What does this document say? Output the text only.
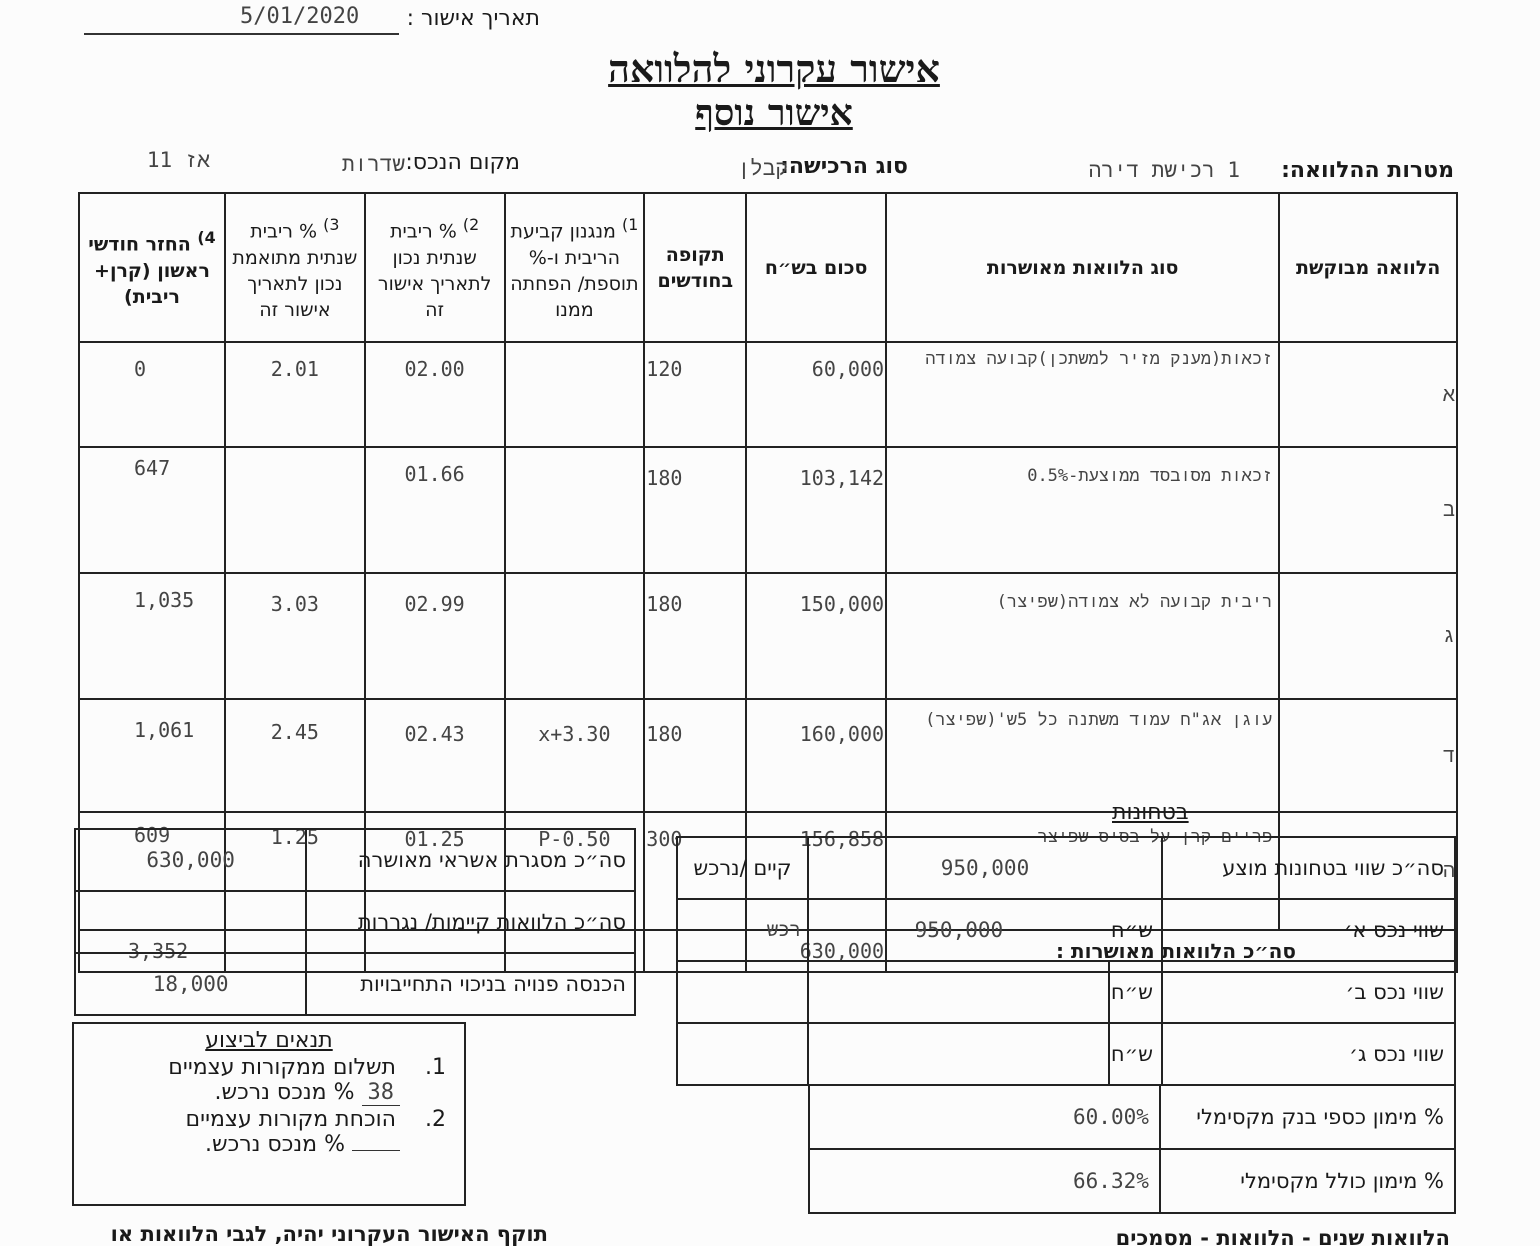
תאריך אישור :
5/01/2020
אישור עקרוני להלוואה
אישור נוסף
מטרות ההלוואה:
1 רכישת דירה
סוג הרכישה:
קבלן
מקום הנכס:
שדרות
אז 11
הלוואה מבוקשת	סוג הלוואות מאושרות	סכום בש״ח	תקופה בחודשים	$^{1)}$ מנגנון קביעת הריבית ו-% תוספת/ הפחתה ממנו	$^{2)}$ % ריבית שנתית נכון לתאריך אישור זה	$^{3)}$ % ריבית שנתית מתואמת נכון לתאריך אישור זה	$^{4)}$ החזר חודשי ראשון (קרן+ ריבית)
א	זכאות(מענק מזיר למשתכן)קבועה צמודה	60,000	120		02.00	2.01	0
ב	זכאות מסובסד ממוצעת-0.5%	103,142	180		01.66		647
ג	ריבית קבועה לא צמודה(שפיצר)	150,000	180		02.99	3.03	1,035
ד	עוגן אג"ח עמוד משתנה כל 5ש'(שפיצר)	160,000	180	x+3.30	02.43	2.45	1,061
ה	פריים-קרן על בסיס שפיצר	156,858	300	P-0.50	01.25	1.25	609
סה״כ הלוואות מאושרות :		630,000					3,352
סה״כ מסגרת אשראי מאושרה	630,000
סה״כ הלוואות קיימות/ נגררות	
הכנסה פנויה בניכוי התחייבויות	18,000
תנאים לביצוע
1. תשלום ממקורות עצמיים
38 % מנכס נרכש.
2. הוכחת מקורות עצמיים
% מנכס נרכש.
בטחונות
סה״כ שווי בטחונות מוצע	950,000		קיים /נרכש
שווי נכס א׳	ש״ח	950,000	רכש
שווי נכס ב׳	ש״ח		
שווי נכס ג׳	ש״ח		
% מימון כספי בנק מקסימלי	60.00%
% מימון כולל מקסימלי	66.32%
תוקף האישור העקרוני יהיה, לגבי הלוואות או	הלוואות שנים - הלוואות - מסמכים
